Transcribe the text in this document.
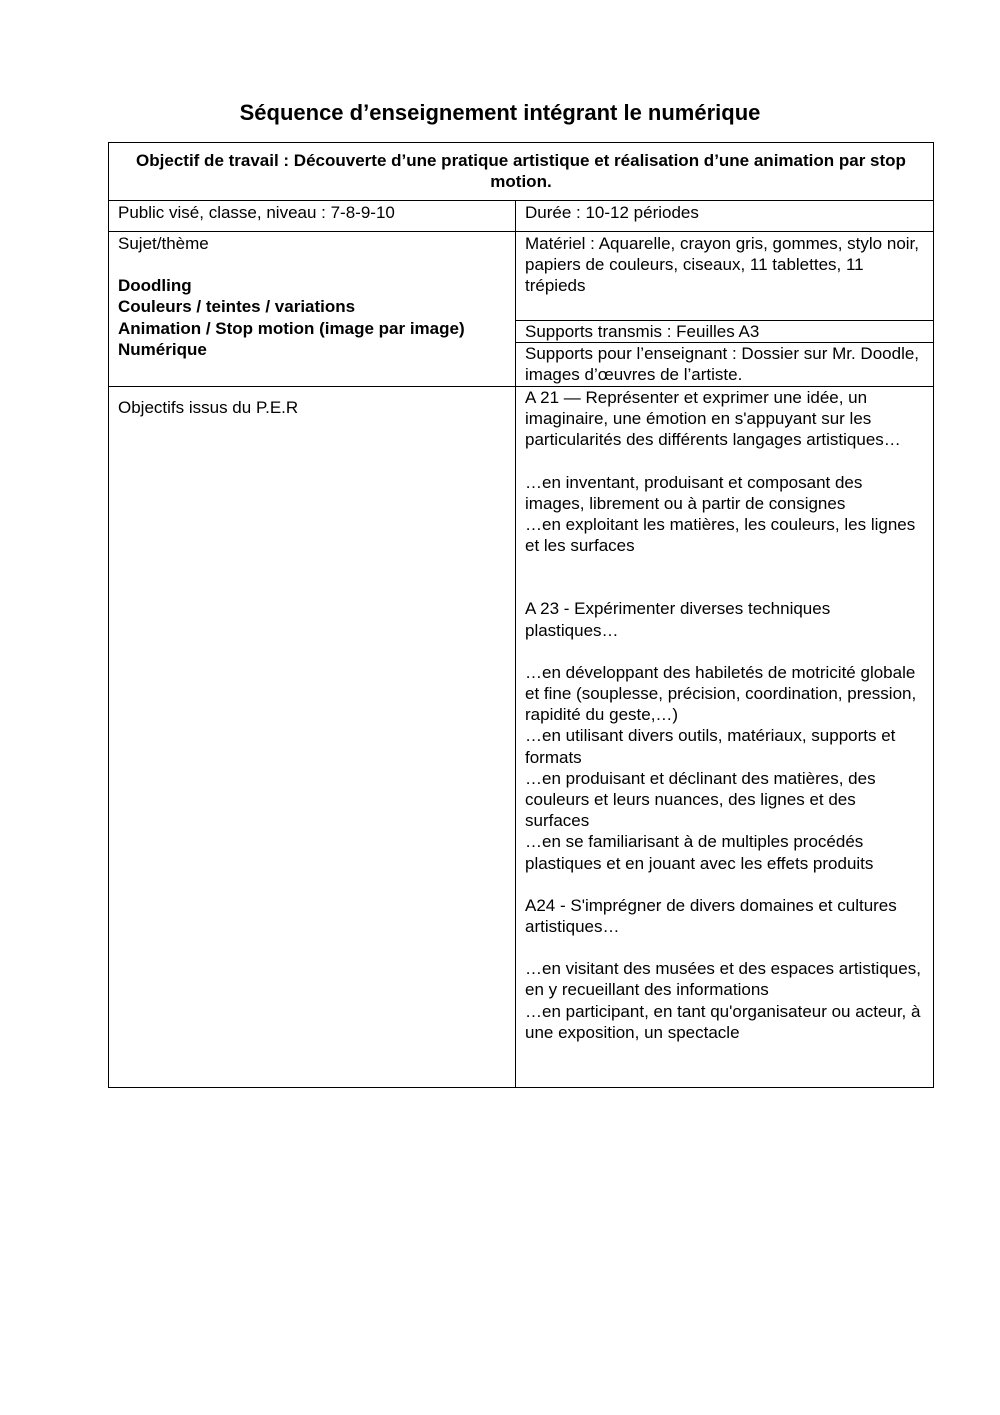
Séquence d’enseignement intégrant le numérique
Objectif de travail : Découverte d’une pratique artistique et réalisation d’une animation par stop motion.
Public visé, classe, niveau : 7-8-9-10	Durée : 10-12 périodes

Sujet/thème

Doodling

Couleurs / teintes / variations

Animation / Stop motion (image par image)

Numérique

Matériel : Aquarelle, crayon gris, gommes, stylo noir, papiers de couleurs, ciseaux, 11 tablettes, 11 trépieds
Supports transmis : Feuilles A3
Supports pour l’enseignant : Dossier sur Mr. Doodle, images d’œuvres de l’artiste.
Objectifs issus du P.E.R

A 21 — Représenter et exprimer une idée, un imaginaire, une émotion en s'appuyant sur les particularités des différents langages artistiques…

…en inventant, produisant et composant des images, librement ou à partir de consignes

…en exploitant les matières, les couleurs, les lignes et les surfaces

A 23 - Expérimenter diverses techniques plastiques…

…en développant des habiletés de motricité globale et fine (souplesse, précision, coordination, pression, rapidité du geste,…)

…en utilisant divers outils, matériaux, supports et formats

…en produisant et déclinant des matières, des couleurs et leurs nuances, des lignes et des surfaces

…en se familiarisant à de multiples procédés plastiques et en jouant avec les effets produits

A24 - S'imprégner de divers domaines et cultures artistiques…

…en visitant des musées et des espaces artistiques, en y recueillant des informations

…en participant, en tant qu'organisateur ou acteur, à une exposition, un spectacle
